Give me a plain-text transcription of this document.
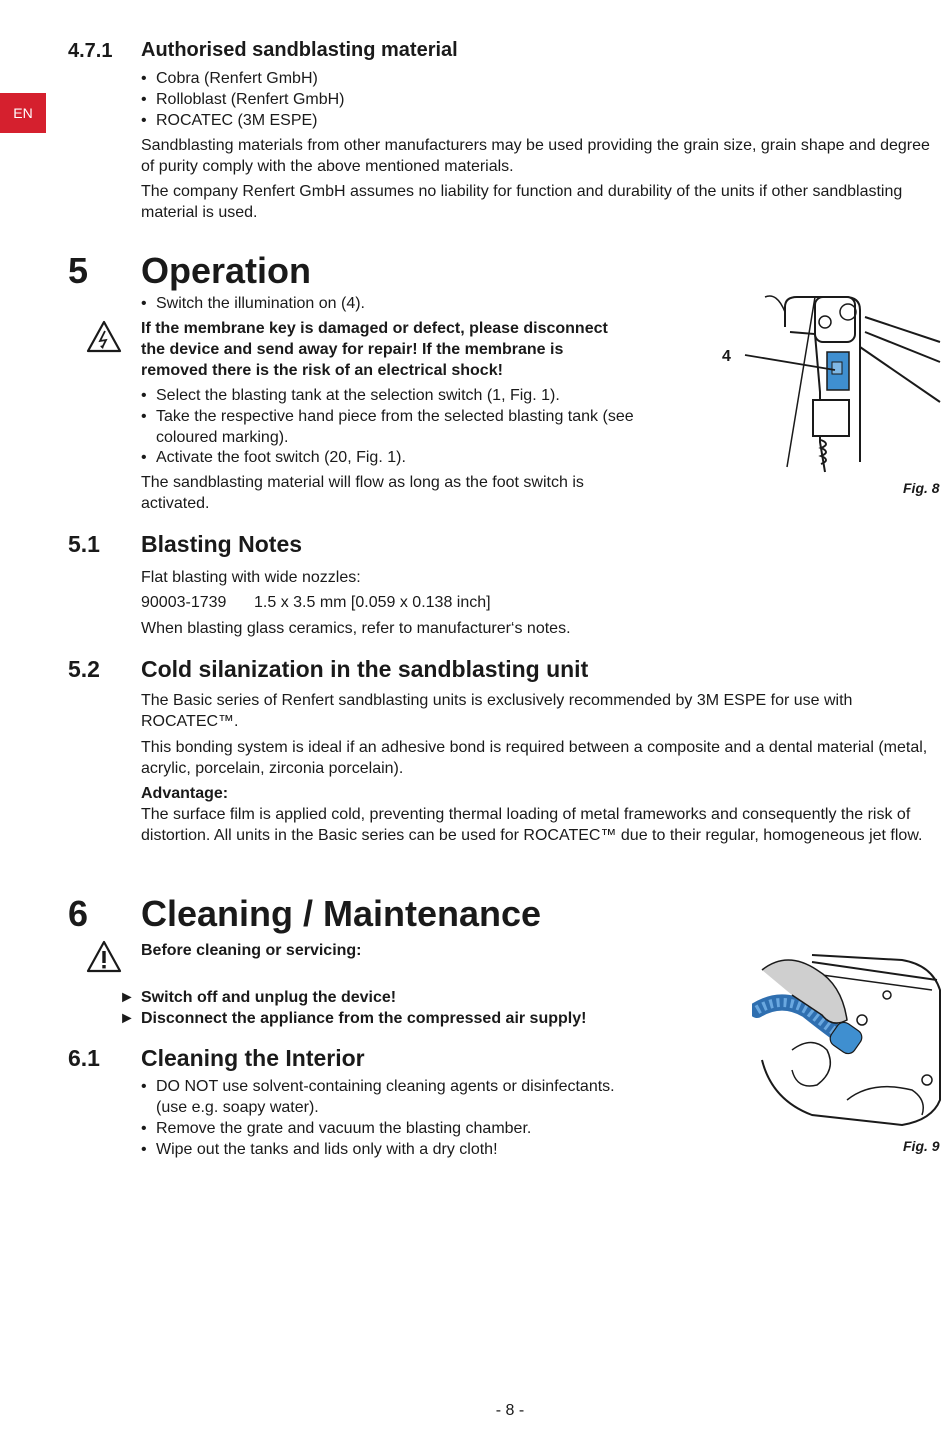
EN
4.7.1 Authorised sandblasting material
• Cobra (Renfert GmbH)
• Rolloblast (Renfert GmbH)
• ROCATEC (3M ESPE)

Sandblasting materials from other manufacturers may be used providing the grain size, grain shape and degree of purity comply with the above mentioned materials.

The company Renfert GmbH assumes no liability for function and durability of the units if other sandblasting material is used.

5 Operation
• Switch the illumination on (4).

If the membrane key is damaged or defect, please disconnect the device and send away for repair! If the membrane is removed there is the risk of an electrical shock!

• Select the blasting tank at the selection switch (1, Fig. 1).
• Take the respective hand piece from the selected blasting tank (see coloured marking).
• Activate the foot switch (20, Fig. 1).

The sandblasting material will flow as long as the foot switch is activated.

4
Fig. 8
5.1 Blasting Notes

Flat blasting with wide nozzles:

90003-1739	1.5 x 3.5 mm [0.059 x 0.138 inch]

When blasting glass ceramics, refer to manufacturer‘s notes.

5.2 Cold silanization in the sandblasting unit

The Basic series of Renfert sandblasting units is exclusively recommended by 3M ESPE for use with ROCATEC™.

This bonding system is ideal if an adhesive bond is required between a composite and a dental material (metal, acrylic, porcelain, zirconia porcelain).

Advantage:

The surface film is applied cold, preventing thermal loading of metal frameworks and consequently the risk of distortion. All units in the Basic series can be used for ROCATEC™ due to their regular, homogeneous jet flow.

6 Cleaning / Maintenance

Before cleaning or servicing:

► Switch off and unplug the device!
► Disconnect the appliance from the compressed air supply!
Fig. 9
6.1 Cleaning the Interior
• DO NOT use solvent-containing cleaning agents or disinfectants. (use e.g. soapy water).
• Remove the grate and vacuum the blasting chamber.
• Wipe out the tanks and lids only with a dry cloth!
- 8 -
